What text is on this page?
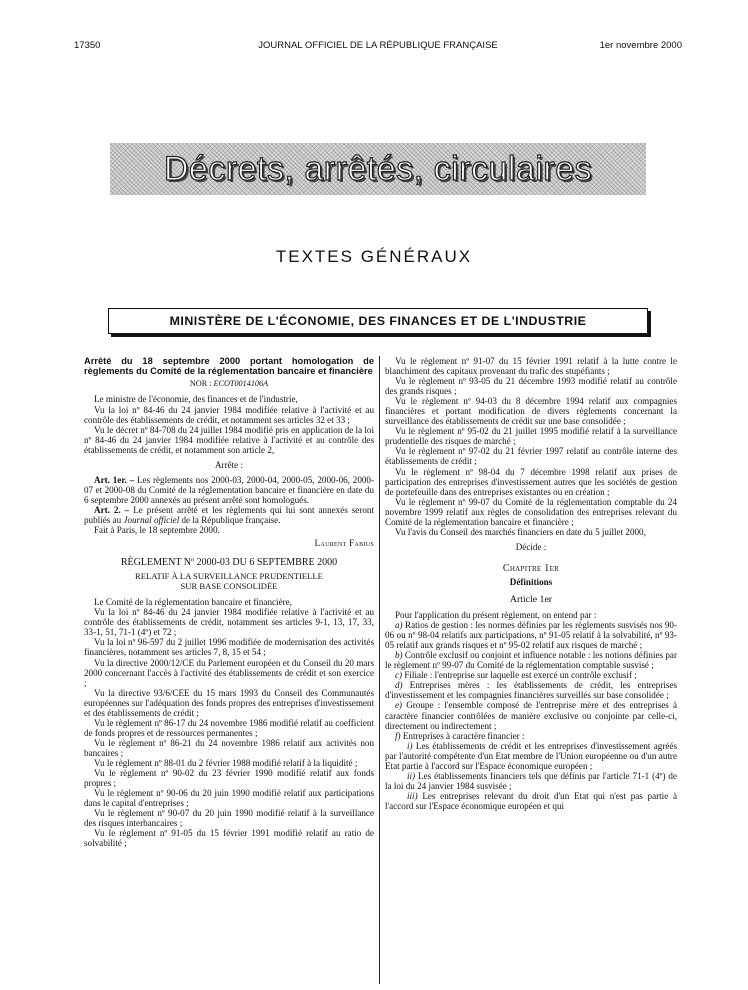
17350	JOURNAL OFFICIEL DE LA RÉPUBLIQUE FRANÇAISE	1er novembre 2000
Décrets, arrêtés, circulaires
TEXTES GÉNÉRAUX
MINISTÈRE DE L'ÉCONOMIE, DES FINANCES ET DE L'INDUSTRIE

Arrêté du 18 septembre 2000 portant homologation de règlements du Comité de la réglementation bancaire et financière

NOR : ECOT0014106A

Le ministre de l'économie, des finances et de l'industrie,

Vu la loi nº 84-46 du 24 janvier 1984 modifiée relative à l'activité et au contrôle des établissements de crédit, et notamment ses articles 32 et 33 ;

Vu le décret nº 84-708 du 24 juillet 1984 modifié pris en application de la loi nº 84-46 du 24 janvier 1984 modifiée relative à l'activité et au contrôle des établissements de crédit, et notamment son article 2,

Arrête :

Art. 1er. – Les règlements nos 2000-03, 2000-04, 2000-05, 2000-06, 2000-07 et 2000-08 du Comité de la réglementation bancaire et financière en date du 6 septembre 2000 annexés au présent arrêté sont homologués.

Art. 2. – Le présent arrêté et les règlements qui lui sont annexés seront publiés au Journal officiel de la République française.

Fait à Paris, le 18 septembre 2000.

Laurent Fabius

RÈGLEMENT Nº 2000-03 DU 6 SEPTEMBRE 2000

RELATIF À LA SURVEILLANCE PRUDENTIELLE

SUR BASE CONSOLIDÉE

Le Comité de la réglementation bancaire et financière,

Vu la loi nº 84-46 du 24 janvier 1984 modifiée relative à l'activité et au contrôle des établissements de crédit, notamment ses articles 9-1, 13, 17, 33, 33-1, 51, 71-1 (4º) et 72 ;

Vu la loi nº 96-597 du 2 juillet 1996 modifiée de modernisation des activités financières, notamment ses articles 7, 8, 15 et 54 ;

Vu la directive 2000/12/CE du Parlement européen et du Conseil du 20 mars 2000 concernant l'accès à l'activité des établissements de crédit et son exercice ;

Vu la directive 93/6/CEE du 15 mars 1993 du Conseil des Communautés européennes sur l'adéquation des fonds propres des entreprises d'investissement et des établissements de crédit ;

Vu le règlement nº 86-17 du 24 novembre 1986 modifié relatif au coefficient de fonds propres et de ressources permanentes ;

Vu le règlement nº 86-21 du 24 novembre 1986 relatif aux activités non bancaires ;

Vu le règlement nº 88-01 du 2 février 1988 modifié relatif à la liquidité ;

Vu le règlement nº 90-02 du 23 février 1990 modifié relatif aux fonds propres ;

Vu le règlement nº 90-06 du 20 juin 1990 modifié relatif aux participations dans le capital d'entreprises ;

Vu le règlement nº 90-07 du 20 juin 1990 modifié relatif à la surveillance des risques interbancaires ;

Vu le règlement nº 91-05 du 15 février 1991 modifié relatif au ratio de solvabilité ;

Vu le règlement nº 91-07 du 15 février 1991 relatif à la lutte contre le blanchiment des capitaux provenant du trafic des stupéfiants ;

Vu le règlement nº 93-05 du 21 décembre 1993 modifié relatif au contrôle des grands risques ;

Vu le règlement nº 94-03 du 8 décembre 1994 relatif aux compagnies financières et portant modification de divers règlements concernant la surveillance des établissements de crédit sur une base consolidée ;

Vu le règlement nº 95-02 du 21 juillet 1995 modifié relatif à la surveillance prudentielle des risques de marché ;

Vu le règlement nº 97-02 du 21 février 1997 relatif au contrôle interne des établissements de crédit ;

Vu le règlement nº 98-04 du 7 décembre 1998 relatif aux prises de participation des entreprises d'investissement autres que les sociétés de gestion de portefeuille dans des entreprises existantes ou en création ;

Vu le règlement nº 99-07 du Comité de la réglementation comptable du 24 novembre 1999 relatif aux règles de consolidation des entreprises relevant du Comité de la réglementation bancaire et financière ;

Vu l'avis du Conseil des marchés financiers en date du 5 juillet 2000,

Décide :

Chapitre 1er

Définitions

Article 1er

Pour l'application du présent règlement, on entend par :

a) Ratios de gestion : les normes définies par les règlements susvisés nos 90-06 ou nº 98-04 relatifs aux participations, nº 91-05 relatif à la solvabilité, nº 93-05 relatif aux grands risques et nº 95-02 relatif aux risques de marché ;

b) Contrôle exclusif ou conjoint et influence notable : les notions définies par le règlement nº 99-07 du Comité de la réglementation comptable susvisé ;

c) Filiale : l'entreprise sur laquelle est exercé un contrôle exclusif ;

d) Entreprises mères : les établissements de crédit, les entreprises d'investissement et les compagnies financières surveillés sur base consolidée ;

e) Groupe : l'ensemble composé de l'entreprise mère et des entreprises à caractère financier contrôlées de manière exclusive ou conjointe par celle-ci, directement ou indirectement ;

f) Entreprises à caractère financier :

i) Les établissements de crédit et les entreprises d'investissement agréés par l'autorité compétente d'un Etat membre de l'Union européenne ou d'un autre Etat partie à l'accord sur l'Espace économique européen ;

ii) Les établissements financiers tels que définis par l'article 71-1 (4º) de la loi du 24 janvier 1984 susvisée ;

iii) Les entreprises relevant du droit d'un Etat qui n'est pas partie à l'accord sur l'Espace économique européen et qui
